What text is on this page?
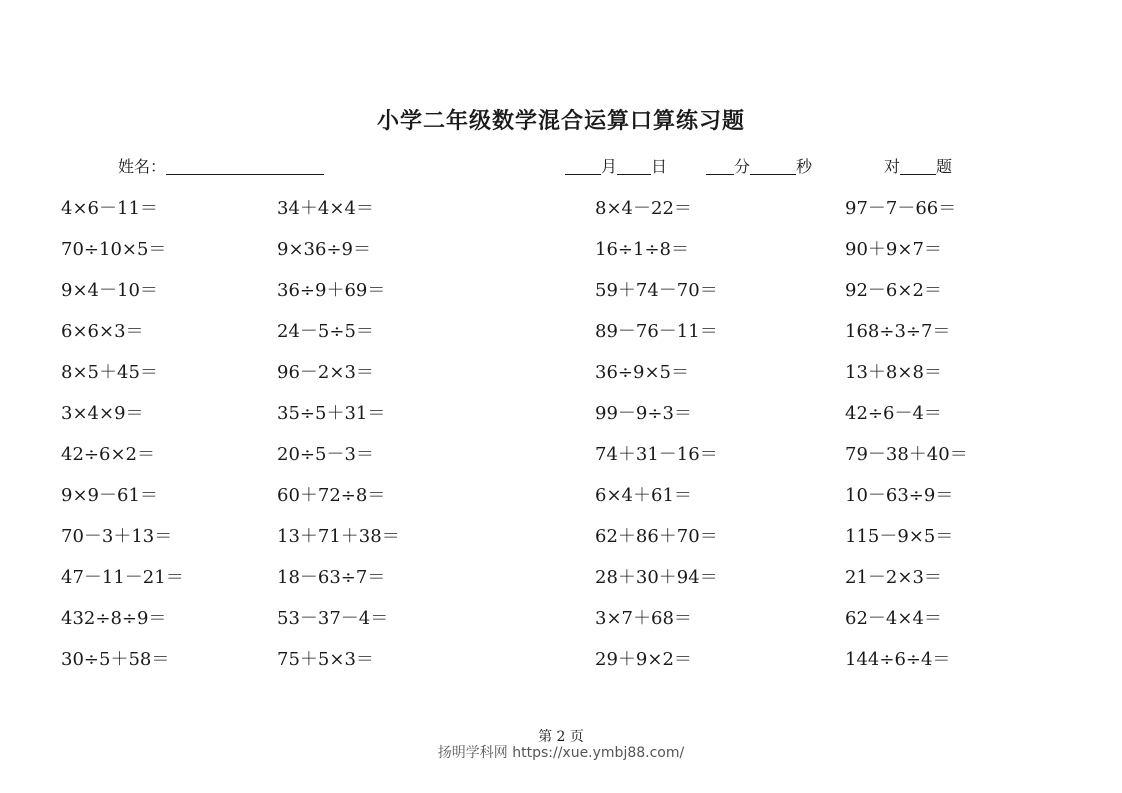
小学二年级数学混合运算口算练习题
姓名：	月 日	分	秒	对 题
4×6－11＝	34＋4×4＝	8×4－22＝	97－7－66＝
70÷10×5＝	9×36÷9＝	16÷1÷8＝	90＋9×7＝
9×4－10＝	36÷9＋69＝	59＋74－70＝	92－6×2＝
6×6×3＝	24－5÷5＝	89－76－11＝	168÷3÷7＝
8×5＋45＝	96－2×3＝	36÷9×5＝	13＋8×8＝
3×4×9＝	35÷5＋31＝	99－9÷3＝	42÷6－4＝
42÷6×2＝	20÷5－3＝	74＋31－16＝	79－38＋40＝
9×9－61＝	60＋72÷8＝	6×4＋61＝	10－63÷9＝
70－3＋13＝	13＋71＋38＝	62＋86＋70＝	115－9×5＝
47－11－21＝	18－63÷7＝	28＋30＋94＝	21－2×3＝
432÷8÷9＝	53－37－4＝	3×7＋68＝	62－4×4＝
30÷5＋58＝	75＋5×3＝	29＋9×2＝	144÷6÷4＝
第 2 页
扬明学科网 https://xue.ymbj88.com/
